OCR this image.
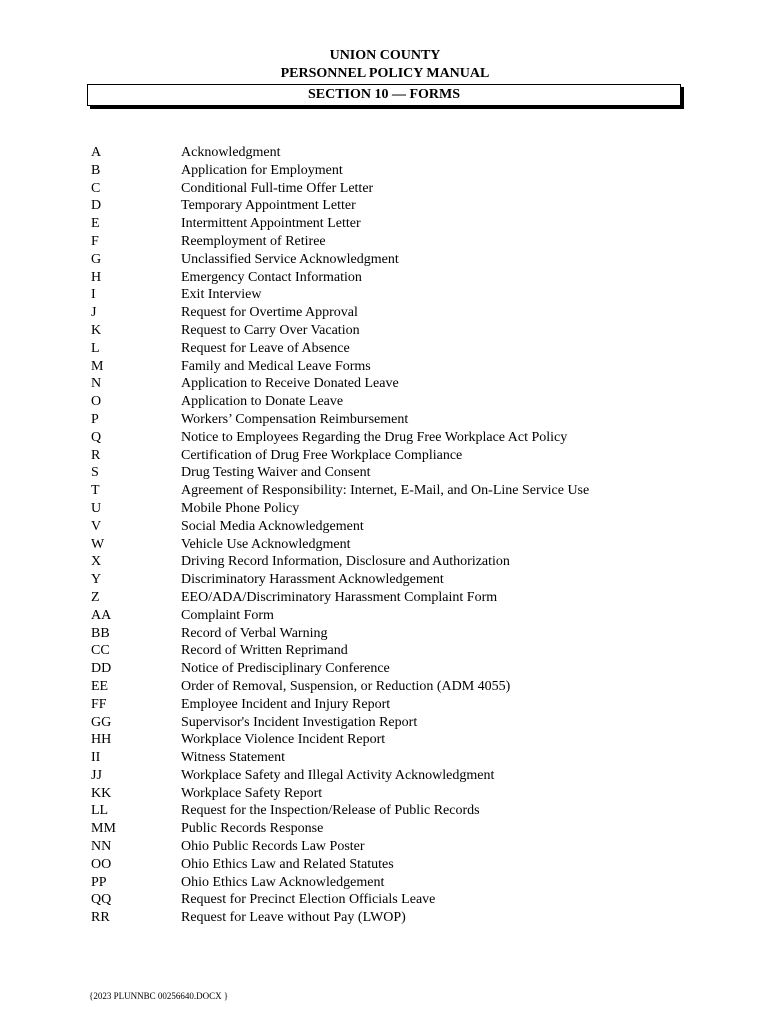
UNION COUNTY
PERSONNEL POLICY MANUAL
SECTION 10 — FORMS
A	Acknowledgment
B	Application for Employment
C	Conditional Full-time Offer Letter
D	Temporary Appointment Letter
E	Intermittent Appointment Letter
F	Reemployment of Retiree
G	Unclassified Service Acknowledgment
H	Emergency Contact Information
I	Exit Interview
J	Request for Overtime Approval
K	Request to Carry Over Vacation
L	Request for Leave of Absence
M	Family and Medical Leave Forms
N	Application to Receive Donated Leave
O	Application to Donate Leave
P	Workers’ Compensation Reimbursement
Q	Notice to Employees Regarding the Drug Free Workplace Act Policy
R	Certification of Drug Free Workplace Compliance
S	Drug Testing Waiver and Consent
T	Agreement of Responsibility: Internet, E-Mail, and On-Line Service Use
U	Mobile Phone Policy
V	Social Media Acknowledgement
W	Vehicle Use Acknowledgment
X	Driving Record Information, Disclosure and Authorization
Y	Discriminatory Harassment Acknowledgement
Z	EEO/ADA/Discriminatory Harassment Complaint Form
AA	Complaint Form
BB	Record of Verbal Warning
CC	Record of Written Reprimand
DD	Notice of Predisciplinary Conference
EE	Order of Removal, Suspension, or Reduction (ADM 4055)
FF	Employee Incident and Injury Report
GG	Supervisor's Incident Investigation Report
HH	Workplace Violence Incident Report
II	Witness Statement
JJ	Workplace Safety and Illegal Activity Acknowledgment
KK	Workplace Safety Report
LL	Request for the Inspection/Release of Public Records
MM	Public Records Response
NN	Ohio Public Records Law Poster
OO	Ohio Ethics Law and Related Statutes
PP	Ohio Ethics Law Acknowledgement
QQ	Request for Precinct Election Officials Leave
RR	Request for Leave without Pay (LWOP)
{2023 PLUNNBC 00256640.DOCX }
